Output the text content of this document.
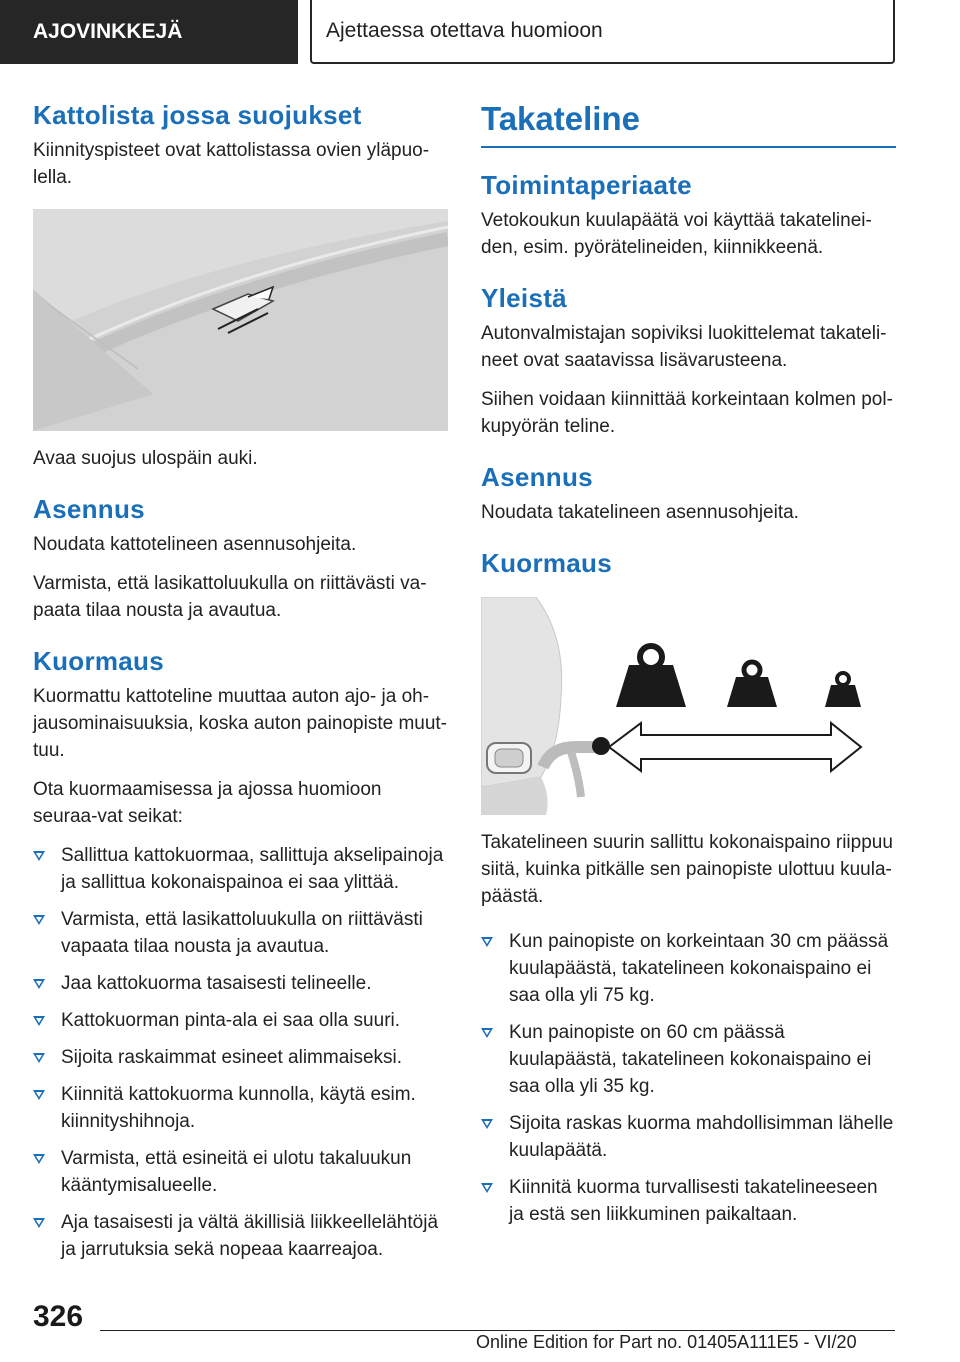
AJOVINKKEJÄ	Ajettaessa otettava huomioon
Kattolista jossa suojukset

Kiinnityspisteet ovat kattolistassa ovien yläpuo-lella.

Avaa suojus ulospäin auki.

Asennus

Noudata kattotelineen asennusohjeita.

Varmista, että lasikattoluukulla on riittävästi va-paata tilaa nousta ja avautua.

Kuormaus

Kuormattu kattoteline muuttaa auton ajo- ja oh-jausominaisuuksia, koska auton painopiste muut-tuu.

Ota kuormaamisessa ja ajossa huomioon seuraa-vat seikat:

Sallittua kattokuormaa, sallittuja akselipainoja ja sallittua kokonaispainoa ei saa ylittää.
Varmista, että lasikattoluukulla on riittävästi vapaata tilaa nousta ja avautua.
Jaa kattokuorma tasaisesti telineelle.
Kattokuorman pinta-ala ei saa olla suuri.
Sijoita raskaimmat esineet alimmaiseksi.
Kiinnitä kattokuorma kunnolla, käytä esim. kiinnityshihnoja.
Varmista, että esineitä ei ulotu takaluukun kääntymisalueelle.
Aja tasaisesti ja vältä äkillisiä liikkeellelähtöjä ja jarrutuksia sekä nopeaa kaarreajoa.
Takateline
Toimintaperiaate

Vetokoukun kuulapäätä voi käyttää takatelinei-den, esim. pyörätelineiden, kiinnikkeenä.

Yleistä

Autonvalmistajan sopiviksi luokittelemat takateli-neet ovat saatavissa lisävarusteena.

Siihen voidaan kiinnittää korkeintaan kolmen pol-kupyörän teline.

Asennus

Noudata takatelineen asennusohjeita.

Kuormaus

Takatelineen suurin sallittu kokonaispaino riippuu siitä, kuinka pitkälle sen painopiste ulottuu kuula-päästä.

Kun painopiste on korkeintaan 30 cm päässä kuulapäästä, takatelineen kokonaispaino ei saa olla yli 75 kg.
Kun painopiste on 60 cm päässä kuulapäästä, takatelineen kokonaispaino ei saa olla yli 35 kg.
Sijoita raskas kuorma mahdollisimman lähelle kuulapäätä.
Kiinnitä kuorma turvallisesti takatelineeseen ja estä sen liikkuminen paikaltaan.
326
Online Edition for Part no. 01405A111E5 - VI/20
